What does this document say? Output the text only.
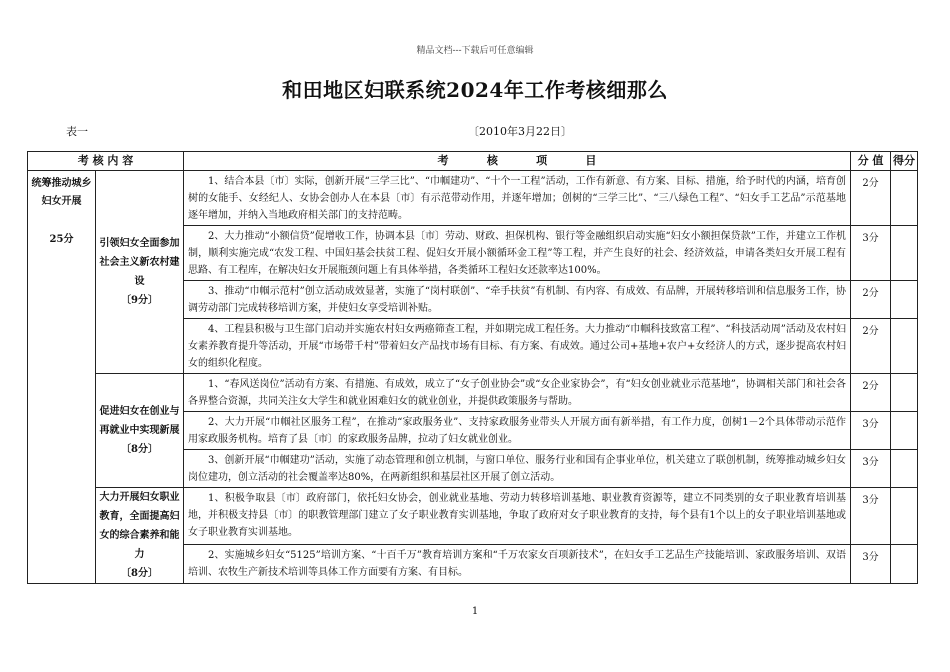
精品文档---下载后可任意编辑
和田地区妇联系统2024年工作考核细那么
表一	〔2010年3月22日〕
考 核 内 容		考          核          项          目	分 值	得分
统筹推动城乡妇女开展
25分	引领妇女全面参加社会主义新农村建设
〔9分〕	1、结合本县〔市〕实际，创新开展“三学三比”、“巾帼建功”、“十个一工程”活动，工作有新意、有方案、目标、措施，给予时代的内涵，培育创树的女能手、女经纪人、女协会创办人在本县〔市〕有示范带动作用，并逐年增加；创树的“三学三比”、“三八绿色工程”、“妇女手工艺品”示范基地逐年增加，并纳入当地政府相关部门的支持范畴。	2分	

		2、大力推动“小额信贷”促增收工作，协调本县〔市〕劳动、财政、担保机构、银行等金融组织启动实施“妇女小额担保贷款”工作，并建立工作机制，顺利实施完成“农发工程、中国妇基会扶贫工程、促妇女开展小额循环金工程”等工程，并产生良好的社会、经济效益，申请各类妇女开展工程有思路、有工程库，在解决妇女开展瓶颈问题上有具体举措，各类循环工程妇女还款率达100%。	3分	

		3、推动“巾帼示范村”创立活动成效显著，实施了“岗村联创”、“牵手扶贫”有机制、有内容、有成效、有品牌，开展转移培训和信息服务工作，协调劳动部门完成转移培训方案，并使妇女享受培训补贴。	2分	

		4、工程县积极与卫生部门启动并实施农村妇女两癌筛查工程，并如期完成工程任务。大力推动“巾帼科技致富工程”、“科技活动周”活动及农村妇女素养教育提升等活动，开展“市场带千村”带着妇女产品找市场有目标、有方案、有成效。通过公司+基地+农户+女经济人的方式，逐步提高农村妇女的组织化程度。	2分	
	促进妇女在创业与再就业中实现新展
〔8分〕	1、“春风送岗位”活动有方案、有措施、有成效，成立了“女子创业协会”或“女企业家协会”，有“妇女创业就业示范基地”，协调相关部门和社会各各界整合资源，共同关注女大学生和就业困难妇女的就业创业，并提供政策服务与帮助。	2分	

		2、大力开展“巾帼社区服务工程”，在推动“家政服务业”、支持家政服务业带头人开展方面有新举措，有工作力度，创树1－2个具体带动示范作用家政服务机构。培育了县〔市〕的家政服务品牌，拉动了妇女就业创业。	3分	

		3、创新开展“巾帼建功”活动，实施了动态管理和创立机制，与窗口单位、服务行业和国有企事业单位，机关建立了联创机制，统筹推动城乡妇女岗位建功，创立活动的社会覆盖率达80%，在两新组织和基层社区开展了创立活动。	3分	
	大力开展妇女职业教育，全面提高妇女的综合素养和能力
〔8分〕	1、积极争取县〔市〕政府部门，依托妇女协会，创业就业基地、劳动力转移培训基地、职业教育资源等，建立不同类别的女子职业教育培训基地，并积极支持县〔市〕的职教管理部门建立了女子职业教育实训基地，争取了政府对女子职业教育的支持，每个县有1个以上的女子职业培训基地或女子职业教育实训基地。	3分	

		2、实施城乡妇女“5125”培训方案、“十百千万”教育培训方案和“千万农家女百项新技术”，在妇女手工艺品生产技能培训、家政服务培训、双语培训、农牧生产新技术培训等具体工作方面要有方案、有目标。	3分	
1
